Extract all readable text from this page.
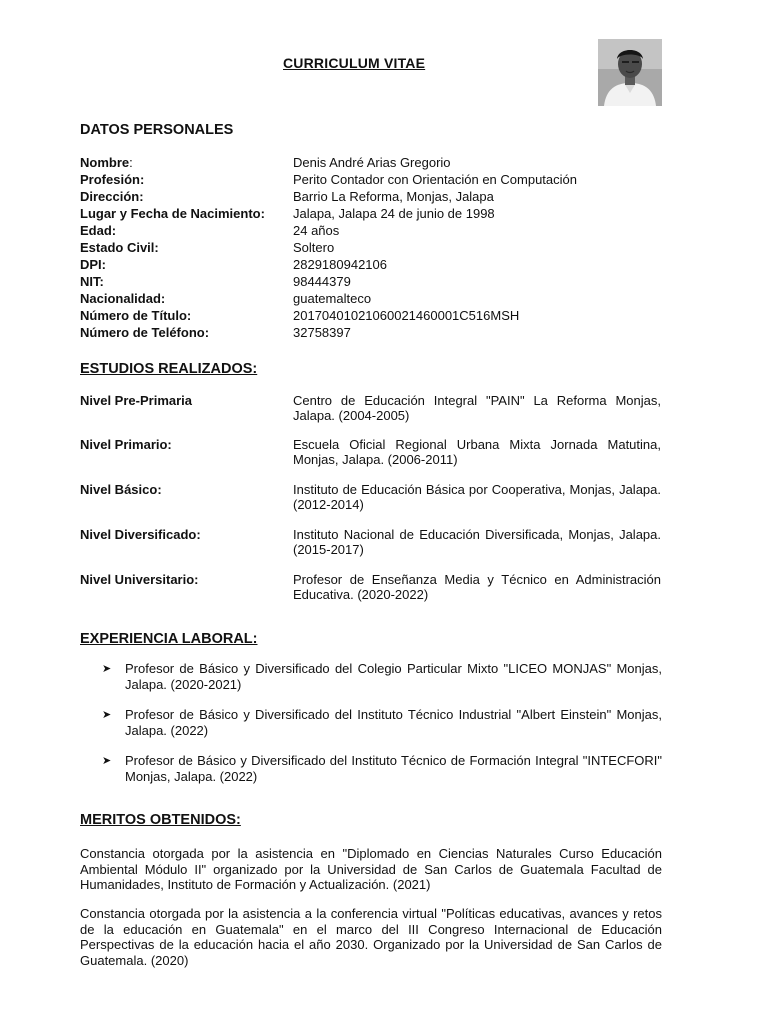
CURRICULUM VITAE
DATOS PERSONALES
Nombre:	Denis André Arias Gregorio
Profesión:	Perito Contador con Orientación en Computación
Dirección:	Barrio La Reforma, Monjas, Jalapa
Lugar y Fecha de Nacimiento:	Jalapa, Jalapa 24 de junio de 1998
Edad:	24 años
Estado Civil:	Soltero
DPI:	2829180942106
NIT:	98444379
Nacionalidad:	guatemalteco
Número de Título:	20170401021060021460001C516MSH
Número de Teléfono:	32758397
ESTUDIOS REALIZADOS:
Nivel Pre-Primaria	Centro de Educación Integral "PAIN" La Reforma Monjas, Jalapa. (2004-2005)
Nivel Primario:	Escuela Oficial Regional Urbana Mixta Jornada Matutina, Monjas, Jalapa. (2006-2011)
Nivel Básico:	Instituto de Educación Básica por Cooperativa, Monjas, Jalapa. (2012-2014)
Nivel Diversificado:	Instituto Nacional de Educación Diversificada, Monjas, Jalapa. (2015-2017)
Nivel Universitario:	Profesor de Enseñanza Media y Técnico en Administración Educativa. (2020-2022)
EXPERIENCIA LABORAL:
➤ Profesor de Básico y Diversificado del Colegio Particular Mixto "LICEO MONJAS" Monjas, Jalapa. (2020-2021)
➤ Profesor de Básico y Diversificado del Instituto Técnico Industrial "Albert Einstein" Monjas, Jalapa. (2022)
➤ Profesor de Básico y Diversificado del Instituto Técnico de Formación Integral "INTECFORI" Monjas, Jalapa. (2022)
MERITOS OBTENIDOS:
Constancia otorgada por la asistencia en "Diplomado en Ciencias Naturales Curso Educación Ambiental Módulo II" organizado por la Universidad de San Carlos de Guatemala Facultad de Humanidades, Instituto de Formación y Actualización. (2021)
Constancia otorgada por la asistencia a la conferencia virtual "Políticas educativas, avances y retos de la educación en Guatemala" en el marco del III Congreso Internacional de Educación Perspectivas de la educación hacia el año 2030. Organizado por la Universidad de San Carlos de Guatemala. (2020)
